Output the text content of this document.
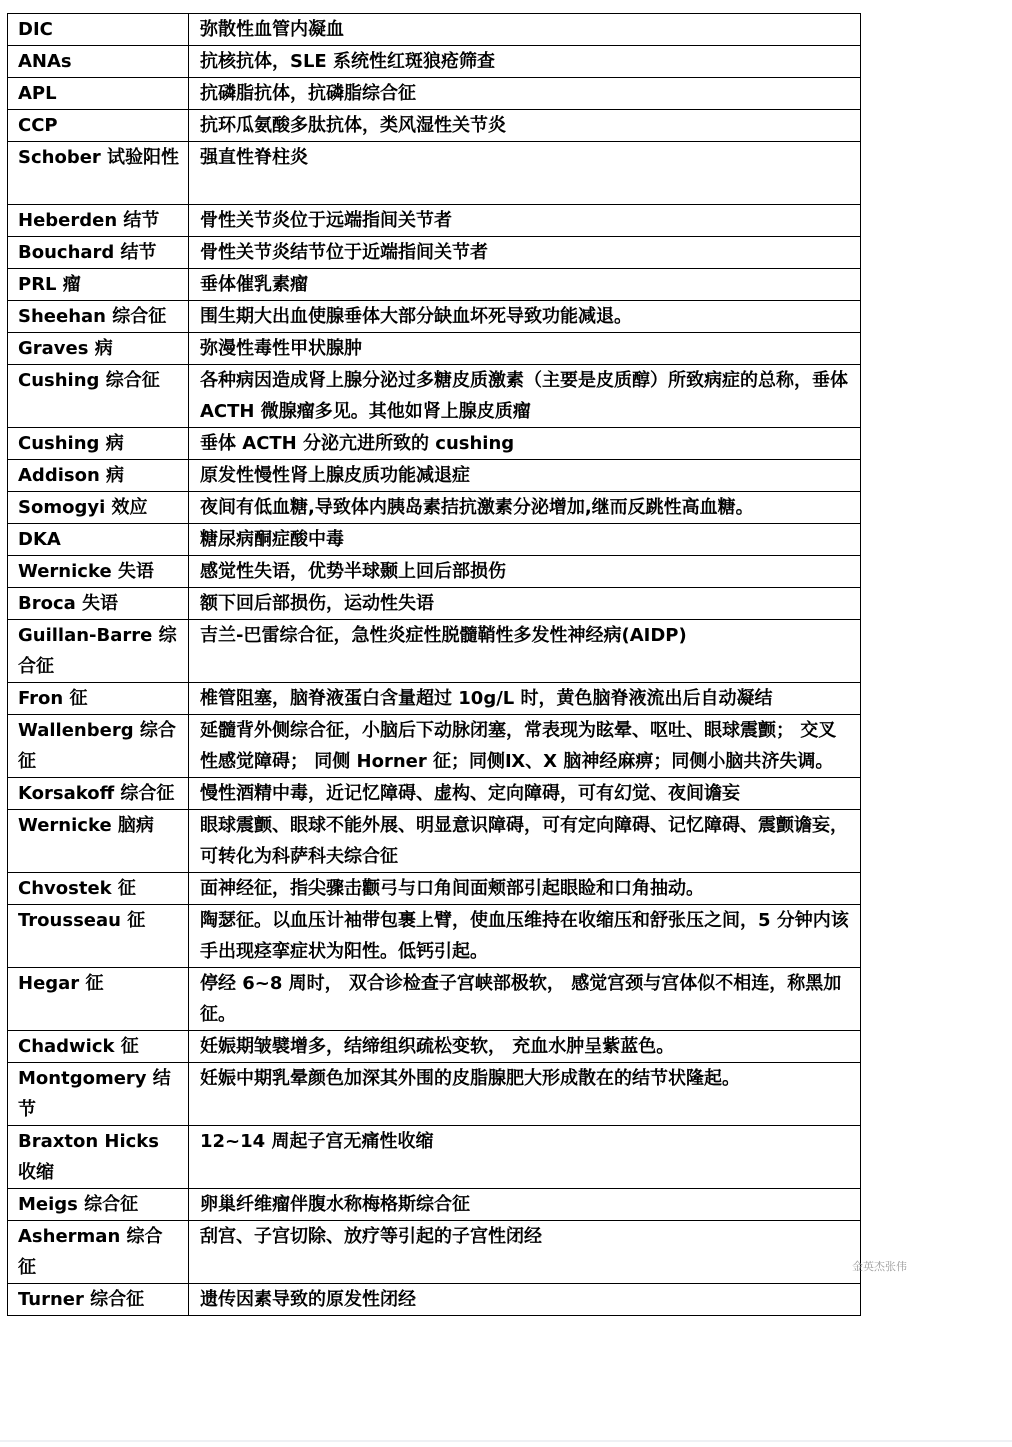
DIC	弥散性血管内凝血
ANAs	抗核抗体，SLE 系统性红斑狼疮筛查
APL	抗磷脂抗体，抗磷脂综合征
CCP	抗环瓜氨酸多肽抗体，类风湿性关节炎
Schober 试验阳性	强直性脊柱炎
Heberden 结节	骨性关节炎位于远端指间关节者
Bouchard 结节	骨性关节炎结节位于近端指间关节者
PRL 瘤	垂体催乳素瘤
Sheehan 综合征	围生期大出血使腺垂体大部分缺血坏死导致功能减退。
Graves 病	弥漫性毒性甲状腺肿
Cushing 综合征	各种病因造成肾上腺分泌过多糖皮质激素（主要是皮质醇）所致病症的总称，垂体 ACTH 微腺瘤多见。其他如肾上腺皮质瘤
Cushing 病	垂体 ACTH 分泌亢进所致的 cushing
Addison 病	原发性慢性肾上腺皮质功能减退症
Somogyi 效应	夜间有低血糖,导致体内胰岛素拮抗激素分泌增加,继而反跳性高血糖。
DKA	糖尿病酮症酸中毒
Wernicke 失语	感觉性失语，优势半球颞上回后部损伤
Broca 失语	额下回后部损伤，运动性失语
Guillan-Barre 综合征	吉兰-巴雷综合征，急性炎症性脱髓鞘性多发性神经病(AIDP)
Fron 征	椎管阻塞，脑脊液蛋白含量超过 10g/L 时，黄色脑脊液流出后自动凝结
Wallenberg 综合征	延髓背外侧综合征，小脑后下动脉闭塞，常表现为眩晕、呕吐、眼球震颤； 交叉性感觉障碍； 同侧 Horner 征；同侧Ⅸ、X 脑神经麻痹；同侧小脑共济失调。
Korsakoff 综合征	慢性酒精中毒，近记忆障碍、虚构、定向障碍，可有幻觉、夜间谵妄
Wernicke 脑病	眼球震颤、眼球不能外展、明显意识障碍，可有定向障碍、记忆障碍、震颤谵妄，可转化为科萨科夫综合征
Chvostek 征	面神经征，指尖骤击颧弓与口角间面颊部引起眼睑和口角抽动。
Trousseau 征	陶瑟征。以血压计袖带包裹上臂，使血压维持在收缩压和舒张压之间，5 分钟内该手出现痉挛症状为阳性。低钙引起。
Hegar 征	停经 6~8 周时， 双合诊检查子宫峡部极软， 感觉宫颈与宫体似不相连，称黑加征。
Chadwick 征	妊娠期皱襞增多，结缔组织疏松变软， 充血水肿呈紫蓝色。
Montgomery 结节	妊娠中期乳晕颜色加深其外围的皮脂腺肥大形成散在的结节状隆起。
Braxton Hicks 收缩	12~14 周起子宫无痛性收缩
Meigs 综合征	卵巢纤维瘤伴腹水称梅格斯综合征
Asherman 综合征	刮宫、子宫切除、放疗等引起的子宫性闭经
Turner 综合征	遗传因素导致的原发性闭经
金英杰张伟
